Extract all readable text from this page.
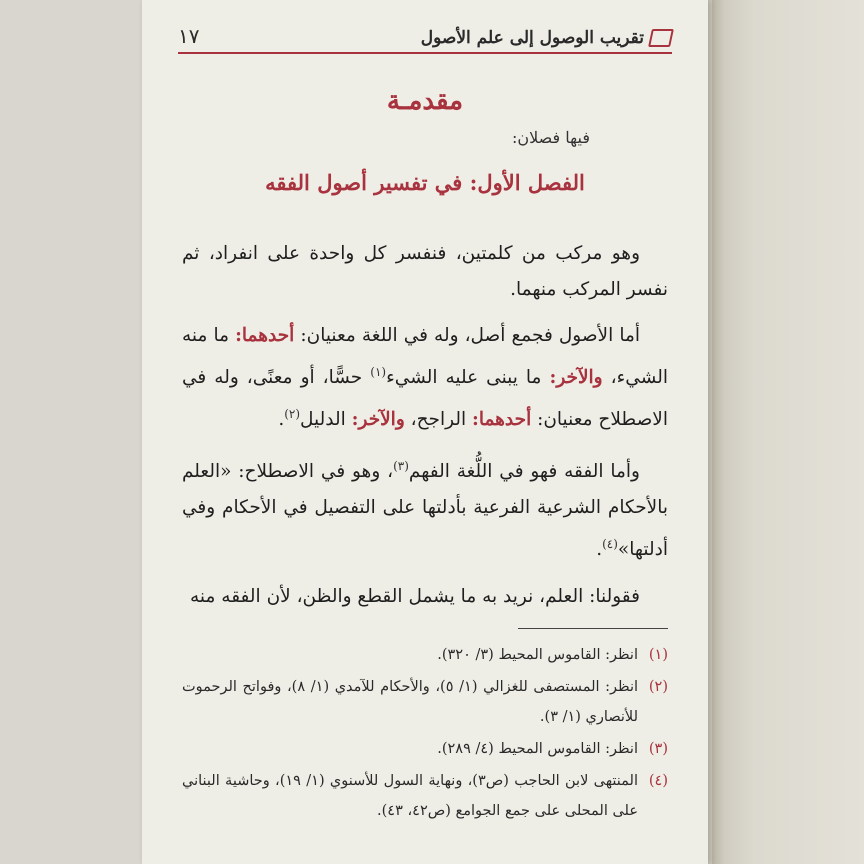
تقريب الوصول إلى علم الأصول
١٧
مقدمـة
فيها فصلان:
الفصل الأول: في تفسير أصول الفقه

وهو مركب من كلمتين، فنفسر كل واحدة على انفراد، ثم نفسر المركب منهما.

أما الأصول فجمع أصل، وله في اللغة معنيان: أحدهما: ما منه الشيء، والآخر: ما يبنى عليه الشيء$^{(١)}$ حسًّا، أو معنًى، وله في الاصطلاح معنيان: أحدهما: الراجح، والآخر: الدليل$^{(٢)}$.

وأما الفقه فهو في اللُّغة الفهم$^{(٣)}$، وهو في الاصطلاح: «العلم بالأحكام الشرعية الفرعية بأدلتها على التفصيل في الأحكام وفي أدلتها»$^{(٤)}$.

فقولنا: العلم، نريد به ما يشمل القطع والظن، لأن الفقه منه

(١)
انظر: القاموس المحيط (٣/ ٣٢٠).
(٢)
انظر: المستصفى للغزالي (١/ ٥)، والأحكام للآمدي (١/ ٨)، وفواتح الرحموت للأنصاري (١/ ٣).
(٣)
انظر: القاموس المحيط (٤/ ٢٨٩).
(٤)
المنتهى لابن الحاجب (ص٣)، ونهاية السول للأسنوي (١/ ١٩)، وحاشية البناني على المحلى على جمع الجوامع (ص٤٢، ٤٣).
